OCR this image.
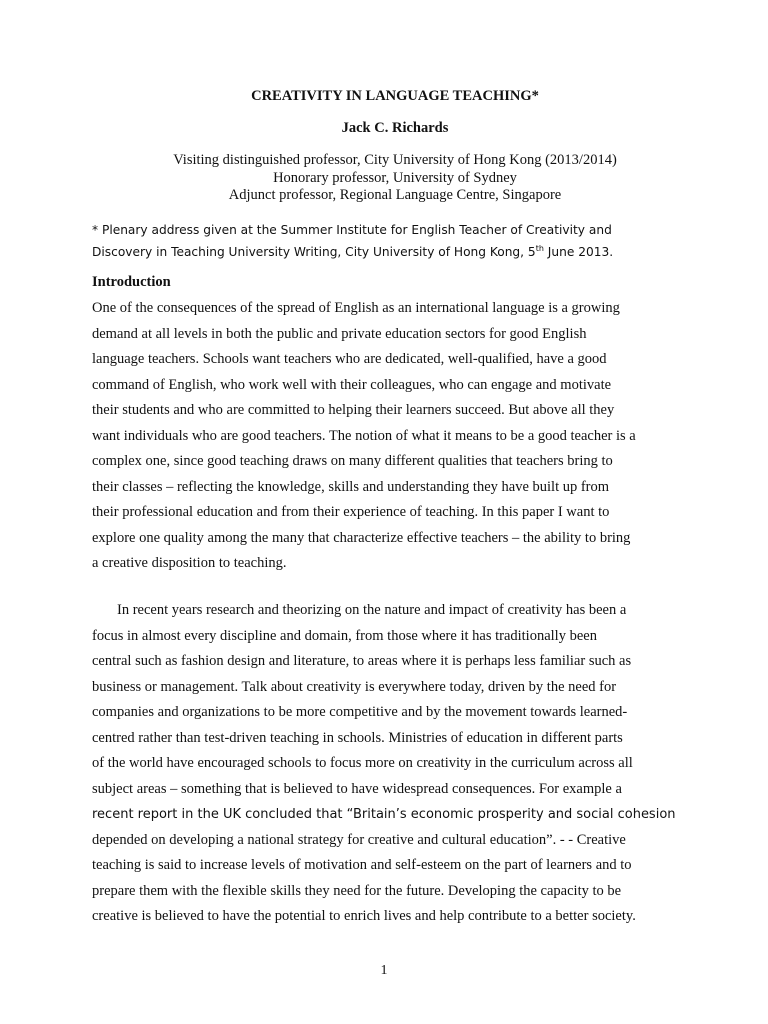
CREATIVITY IN LANGUAGE TEACHING*
Jack C. Richards
Visiting distinguished professor, City University of Hong Kong (2013/2014)
Honorary professor, University of Sydney
Adjunct professor, Regional Language Centre, Singapore
* Plenary address given at the Summer Institute for English Teacher of Creativity and
Discovery in Teaching University Writing, City University of Hong Kong, 5th June 2013.
Introduction
One of the consequences of the spread of English as an international language is a growing
demand at all levels in both the public and private education sectors for good English
language teachers. Schools want teachers who are dedicated, well-qualified, have a good
command of English, who work well with their colleagues, who can engage and motivate
their students and who are committed to helping their learners succeed. But above all they
want individuals who are good teachers. The notion of what it means to be a good teacher is a
complex one, since good teaching draws on many different qualities that teachers bring to
their classes – reflecting the knowledge, skills and understanding they have built up from
their professional education and from their experience of teaching. In this paper I want to
explore one quality among the many that characterize effective teachers – the ability to bring
a creative disposition to teaching.
In recent years research and theorizing on the nature and impact of creativity has been a
focus in almost every discipline and domain, from those where it has traditionally been
central such as fashion design and literature, to areas where it is perhaps less familiar such as
business or management. Talk about creativity is everywhere today, driven by the need for
companies and organizations to be more competitive and by the movement towards learned-
centred rather than test-driven teaching in schools. Ministries of education in different parts
of the world have encouraged schools to focus more on creativity in the curriculum across all
subject areas – something that is believed to have widespread consequences. For example a
recent report in the UK concluded that “Britain’s economic prosperity and social cohesion
depended on developing a national strategy for creative and cultural education”. - - Creative
teaching is said to increase levels of motivation and self-esteem on the part of learners and to
prepare them with the flexible skills they need for the future. Developing the capacity to be
creative is believed to have the potential to enrich lives and help contribute to a better society.
1
